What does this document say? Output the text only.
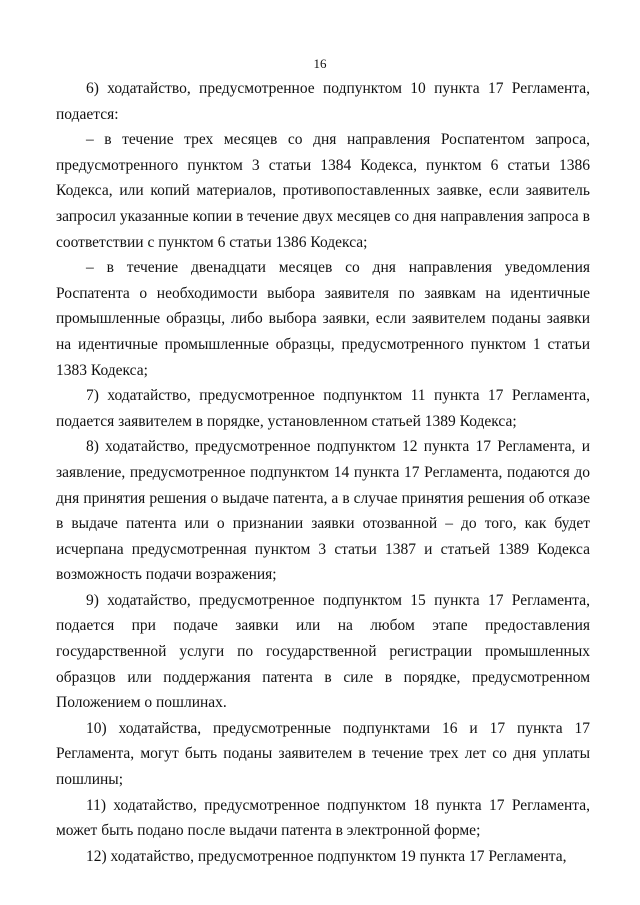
16

6) ходатайство, предусмотренное подпунктом 10 пункта 17 Регламента, подается:

– в течение трех месяцев со дня направления Роспатентом запроса, предусмотренного пунктом 3 статьи 1384 Кодекса, пунктом 6 статьи 1386 Кодекса, или копий материалов, противопоставленных заявке, если заявитель запросил указанные копии в течение двух месяцев со дня направления запроса в соответствии с пунктом 6 статьи 1386 Кодекса;

– в течение двенадцати месяцев со дня направления уведомления Роспатента о необходимости выбора заявителя по заявкам на идентичные промышленные образцы, либо выбора заявки, если заявителем поданы заявки на идентичные промышленные образцы, предусмотренного пунктом 1 статьи 1383 Кодекса;

7) ходатайство, предусмотренное подпунктом 11 пункта 17 Регламента, подается заявителем в порядке, установленном статьей 1389 Кодекса;

8) ходатайство, предусмотренное подпунктом 12 пункта 17 Регламента, и заявление, предусмотренное подпунктом 14 пункта 17 Регламента, подаются до дня принятия решения о выдаче патента, а в случае принятия решения об отказе в выдаче патента или о признании заявки отозванной – до того, как будет исчерпана предусмотренная пунктом 3 статьи 1387 и статьей 1389 Кодекса возможность подачи возражения;

9) ходатайство, предусмотренное подпунктом 15 пункта 17 Регламента, подается при подаче заявки или на любом этапе предоставления государственной услуги по государственной регистрации промышленных образцов или поддержания патента в силе в порядке, предусмотренном Положением о пошлинах.

10) ходатайства, предусмотренные подпунктами 16 и 17 пункта 17 Регламента, могут быть поданы заявителем в течение трех лет со дня уплаты пошлины;

11) ходатайство, предусмотренное подпунктом 18 пункта 17 Регламента, может быть подано после выдачи патента в электронной форме;

12) ходатайство, предусмотренное подпунктом 19 пункта 17 Регламента,
